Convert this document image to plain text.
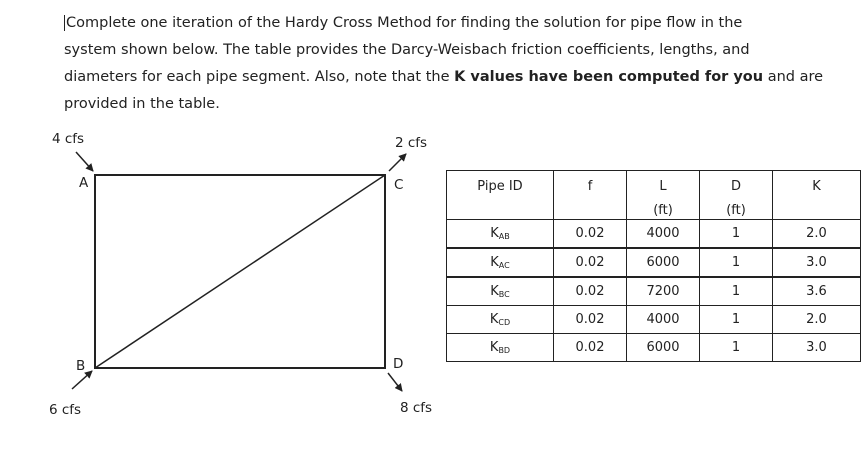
Complete one iteration of the Hardy Cross Method for finding the solution for pipe flow in the
system shown below. The table provides the Darcy-Weisbach friction coefficients, lengths, and
diameters for each pipe segment. Also, note that the K values have been computed for you and are
provided in the table.
4 cfs
A
2 cfs
C
B
6 cfs
D
8 cfs
Pipe ID	f	L	D	K
		(ft)	(ft)	
$K_{AB}$	0.02	4000	1	2.0
$K_{AC}$	0.02	6000	1	3.0
$K_{BC}$	0.02	7200	1	3.6
$K_{CD}$	0.02	4000	1	2.0
$K_{BD}$	0.02	6000	1	3.0
